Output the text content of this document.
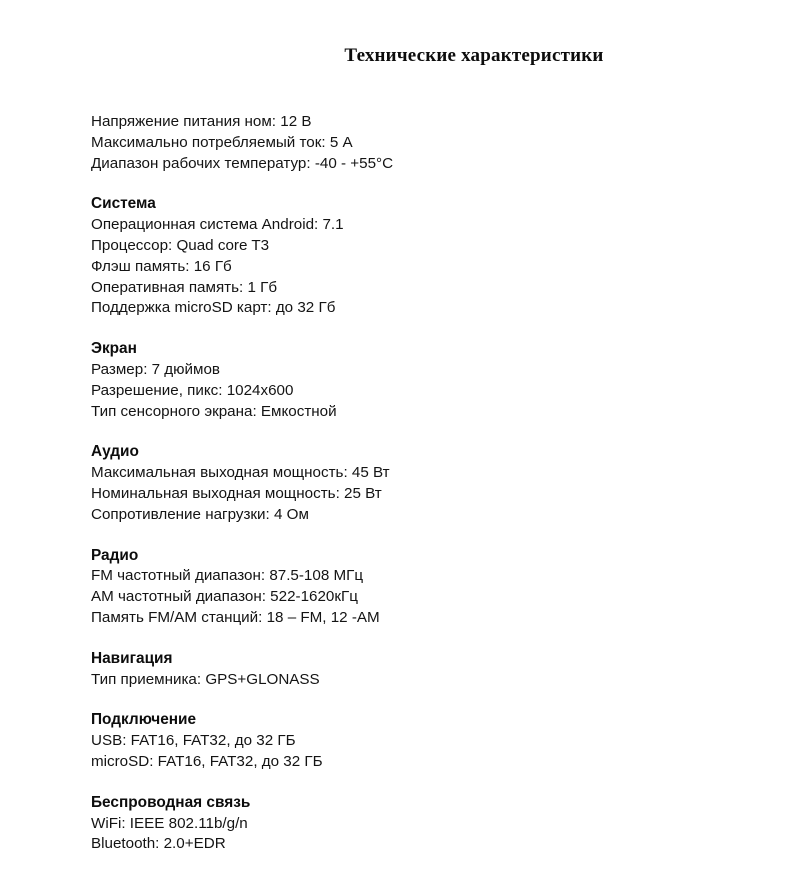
Технические характеристики
Напряжение питания ном: 12 В
Максимально потребляемый ток: 5 А
Диапазон рабочих температур: -40 - +55°С
Система
Операционная система Android: 7.1
Процессор: Quad core T3
Флэш память: 16 Гб
Оперативная память: 1 Гб
Поддержка microSD карт: до 32 Гб
Экран
Размер: 7 дюймов
Разрешение, пикс: 1024x600
Тип сенсорного экрана: Емкостной
Аудио
Максимальная выходная мощность: 45 Вт
Номинальная выходная мощность: 25 Вт
Сопротивление нагрузки: 4 Ом
Радио
FM частотный диапазон: 87.5-108 МГц
AM частотный диапазон: 522-1620кГц
Память FM/AM станций: 18 – FM, 12 -AM
Навигация
Тип приемника: GPS+GLONASS
Подключение
USB: FAT16, FAT32, до 32 ГБ
microSD: FAT16, FAT32, до 32 ГБ
Беспроводная связь
WiFi: IEEE 802.11b/g/n
Bluetooth: 2.0+EDR
